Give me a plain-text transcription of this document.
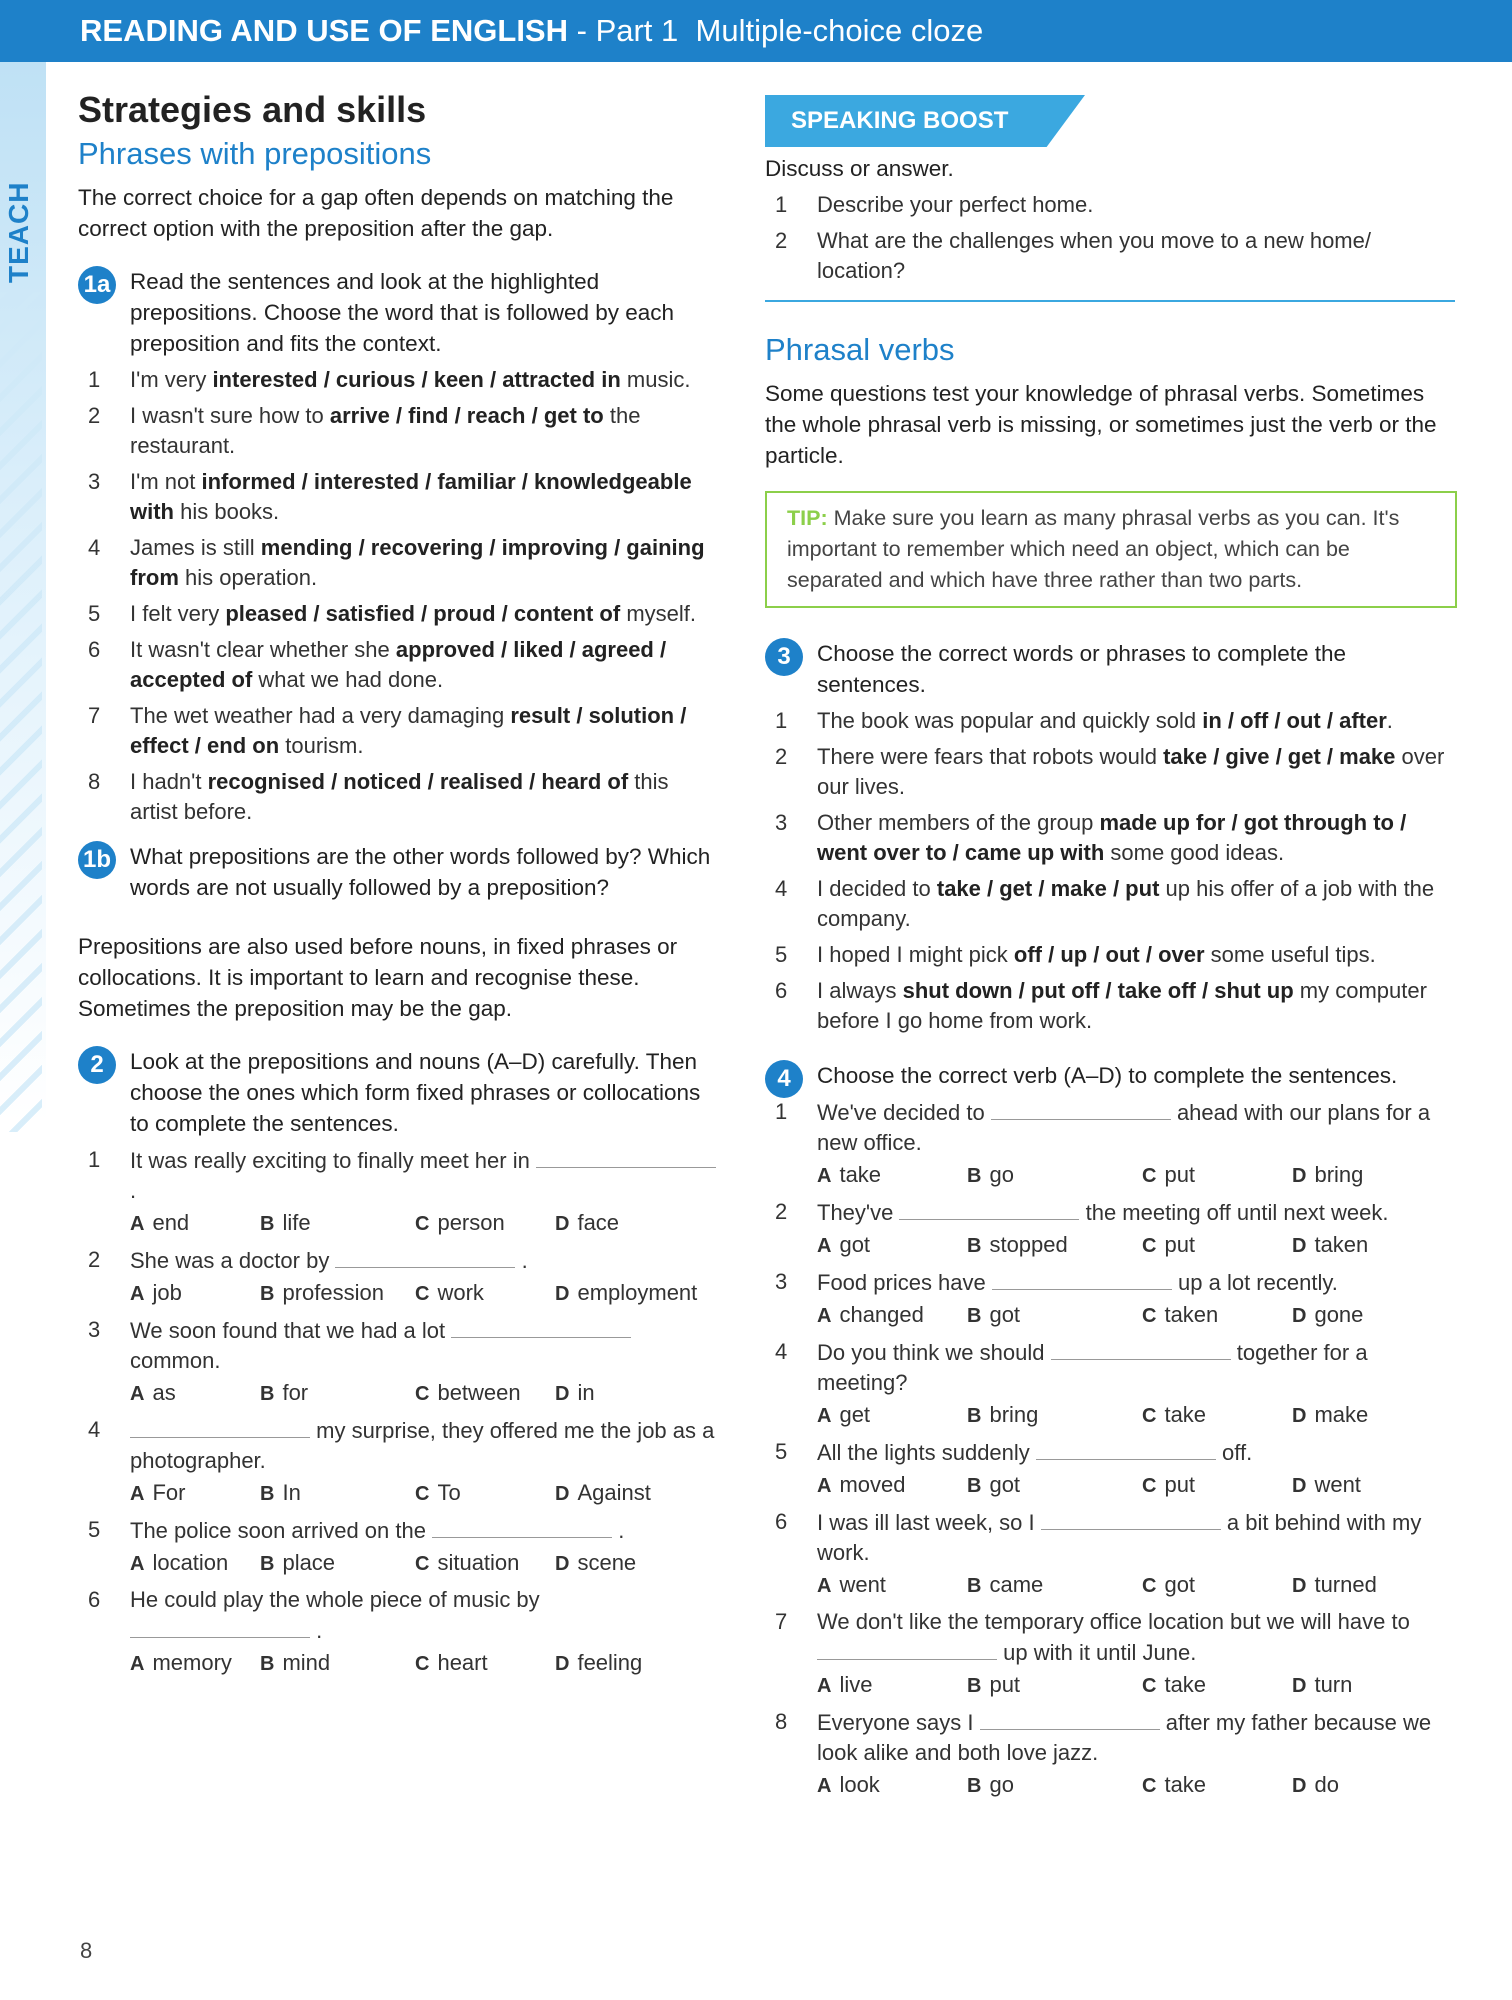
READING AND USE OF ENGLISH - Part 1 Multiple-choice cloze
TEACH
Strategies and skills
Phrases with prepositions

The correct choice for a gap often depends on matching the correct option with the preposition after the gap.

1a Read the sentences and look at the highlighted prepositions. Choose the word that is followed by each preposition and fits the context.
1 I'm very interested / curious / keen / attracted in music.
2 I wasn't sure how to arrive / find / reach / get to the restaurant.
3 I'm not informed / interested / familiar / knowledgeable with his books.
4 James is still mending / recovering / improving / gaining from his operation.
5 I felt very pleased / satisfied / proud / content of myself.
6 It wasn't clear whether she approved / liked / agreed / accepted of what we had done.
7 The wet weather had a very damaging result / solution / effect / end on tourism.
8 I hadn't recognised / noticed / realised / heard of this artist before.
1b What prepositions are the other words followed by? Which words are not usually followed by a preposition?

Prepositions are also used before nouns, in fixed phrases or collocations. It is important to learn and recognise these. Sometimes the preposition may be the gap.

2	Look at the prepositions and nouns (A–D) carefully. Then choose the ones which form fixed phrases or collocations to complete the sentences.
1 It was really exciting to finally meet her in  .
A end	B life	C person	D face
2 She was a doctor by	.
A job	B profession	C work	D employment
3 We soon found that we had a lot  common.
A as	B for	C between	D in
4	my surprise, they offered me the job as a photographer.
A For	B In	C To	D Against
5 The police soon arrived on the	.
A location	B place	C situation	D scene
6 He could play the whole piece of music by  .
A memory	B mind	C heart	D feeling
SPEAKING BOOST

Discuss or answer.

1 Describe your perfect home.
2 What are the challenges when you move to a new home/ location?
Phrasal verbs

Some questions test your knowledge of phrasal verbs. Sometimes the whole phrasal verb is missing, or sometimes just the verb or the particle.

TIP: Make sure you learn as many phrasal verbs as you can. It's important to remember which need an object, which can be separated and which have three rather than two parts.
3	Choose the correct words or phrases to complete the sentences.
1 The book was popular and quickly sold in / off / out / after.
2 There were fears that robots would take / give / get / make over our lives.
3 Other members of the group made up for / got through to / went over to / came up with some good ideas.
4 I decided to take / get / make / put up his offer of a job with the company.
5 I hoped I might pick off / up / out / over some useful tips.
6 I always shut down / put off / take off / shut up my computer before I go home from work.
4	Choose the correct verb (A–D) to complete the sentences.
1 We've decided to	ahead with our plans for a new office.
A take	B go	C put	D bring
2 They've	the meeting off until next week.
A got	B stopped	C put	D taken
3 Food prices have	up a lot recently.
A changed	B got	C taken	D gone
4 Do you think we should	together for a meeting?
A get	B bring	C take	D make
5 All the lights suddenly	off.
A moved	B got	C put	D went
6 I was ill last week, so I	a bit behind with my work.
A went	B came	C got	D turned
7 We don't like the temporary office location but we will have to  up with it until June.
A live	B put	C take	D turn
8 Everyone says I	after my father because we look alike and both love jazz.
A look	B go	C take	D do
8
